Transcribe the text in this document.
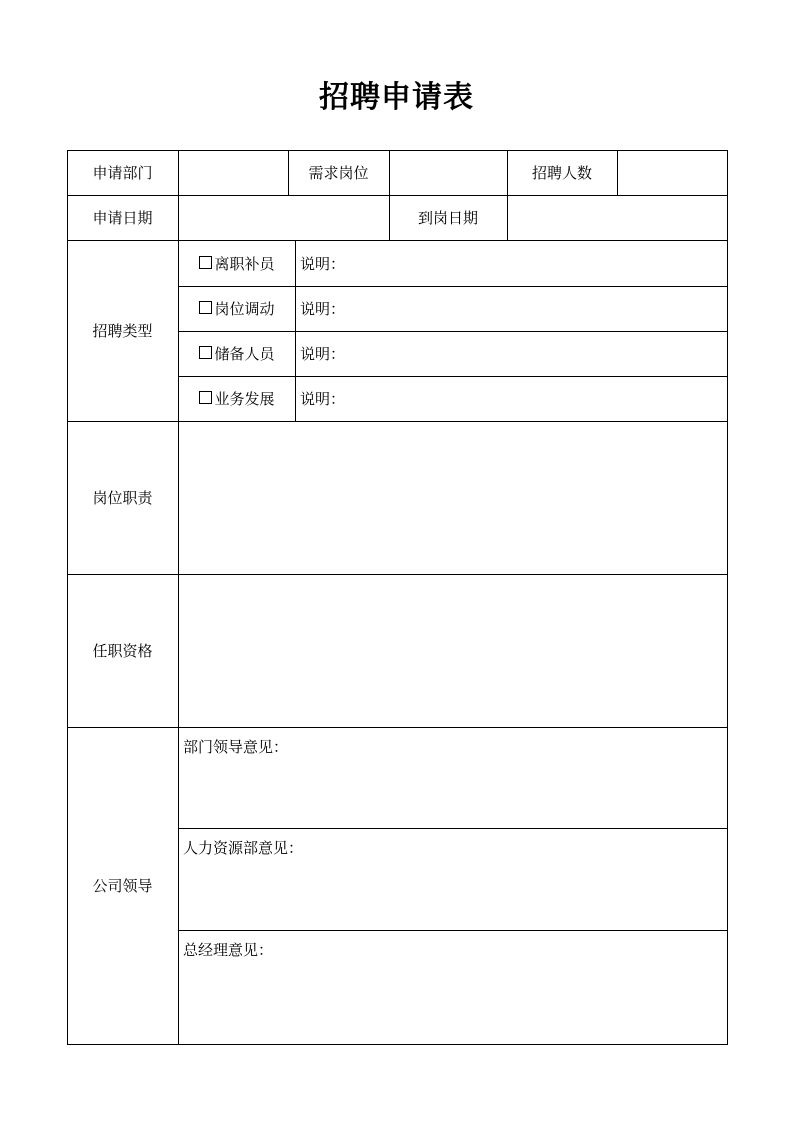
招聘申请表
申请部门	需求岗位	招聘人数
申请日期	到岗日期
招聘类型
离职补员 说明：
岗位调动 说明：
储备人员 说明：
业务发展 说明：
岗位职责
任职资格
公司领导
部门领导意见：
人力资源部意见：
总经理意见：
